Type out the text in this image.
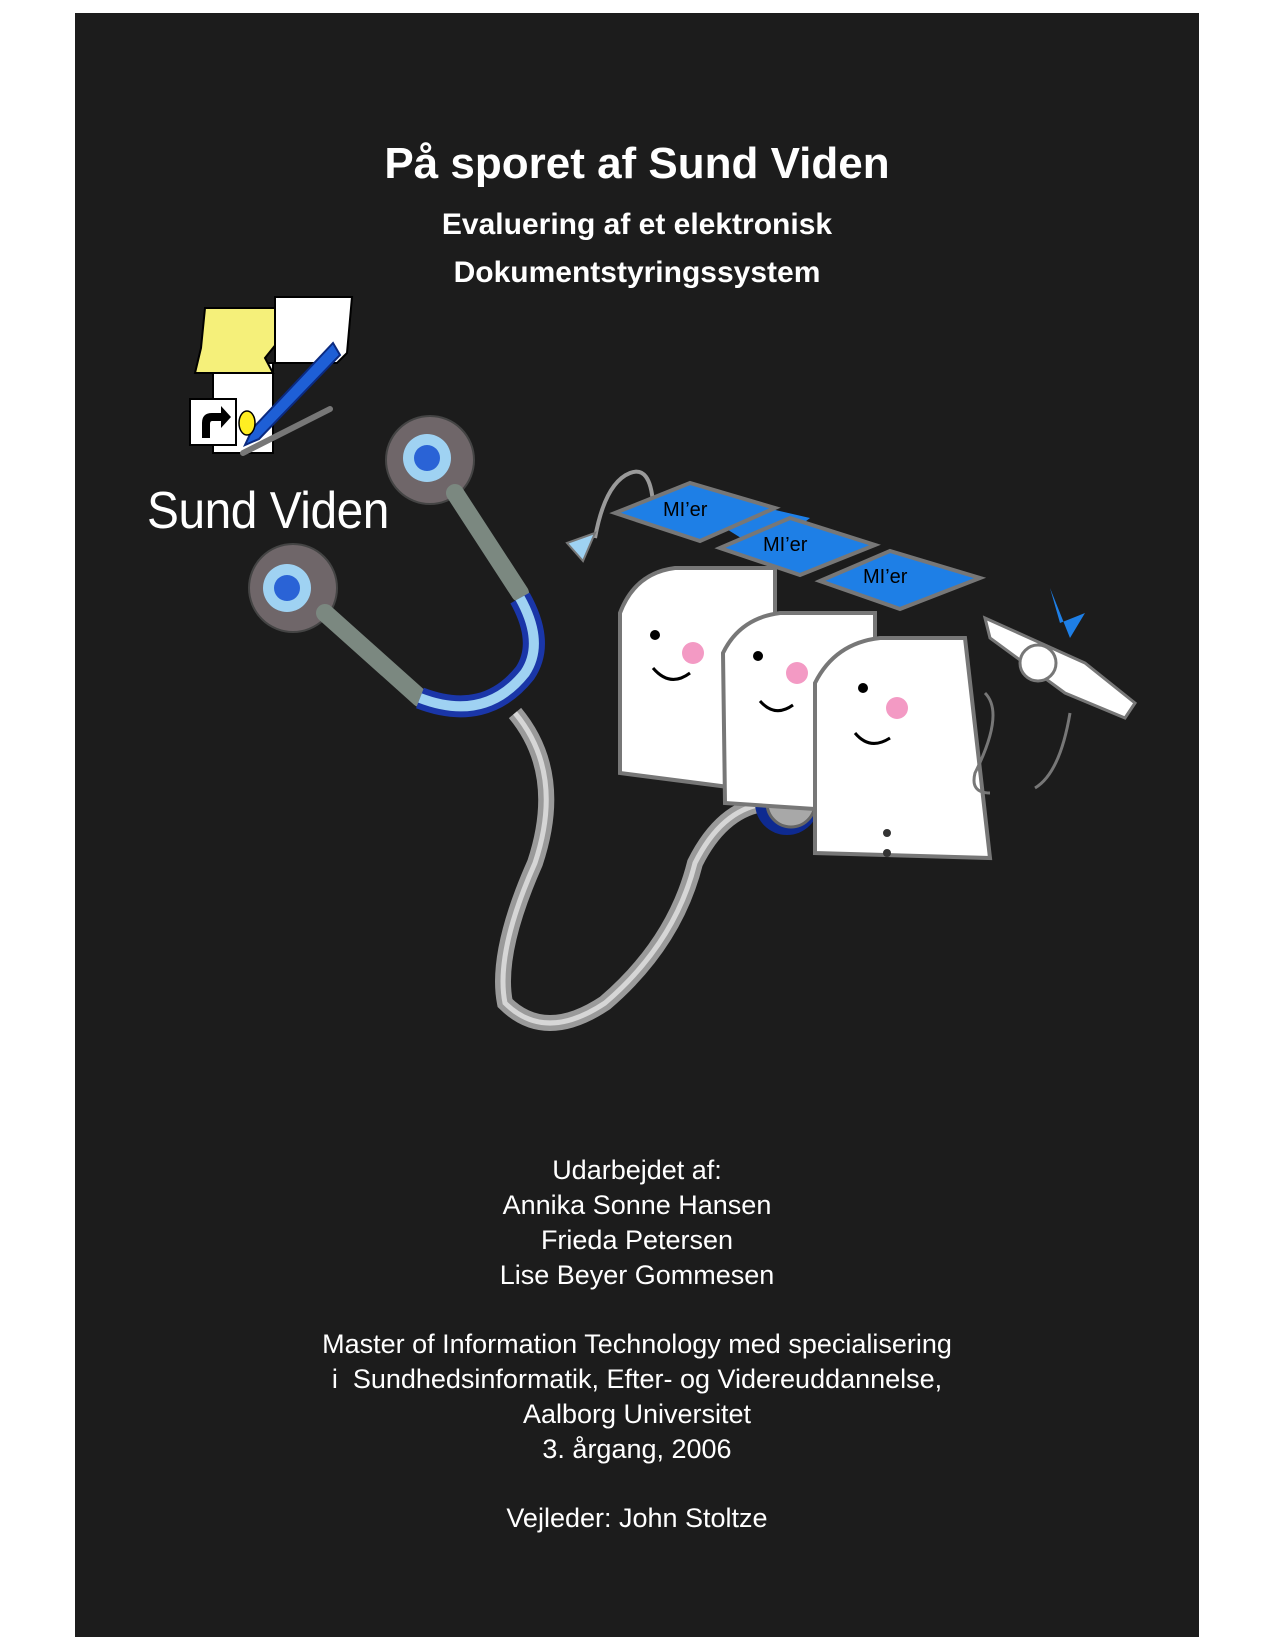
På sporet af Sund Viden
Evaluering af et elektronisk
Dokumentstyringssystem
Sund Viden	MI’er
MI’er
MI’er
Udarbejdet af:
Annika Sonne Hansen
Frieda Petersen
Lise Beyer Gommesen
Master of Information Technology med specialisering
i  Sundhedsinformatik, Efter- og Videreuddannelse,
Aalborg Universitet
3. årgang, 2006
Vejleder: John Stoltze
